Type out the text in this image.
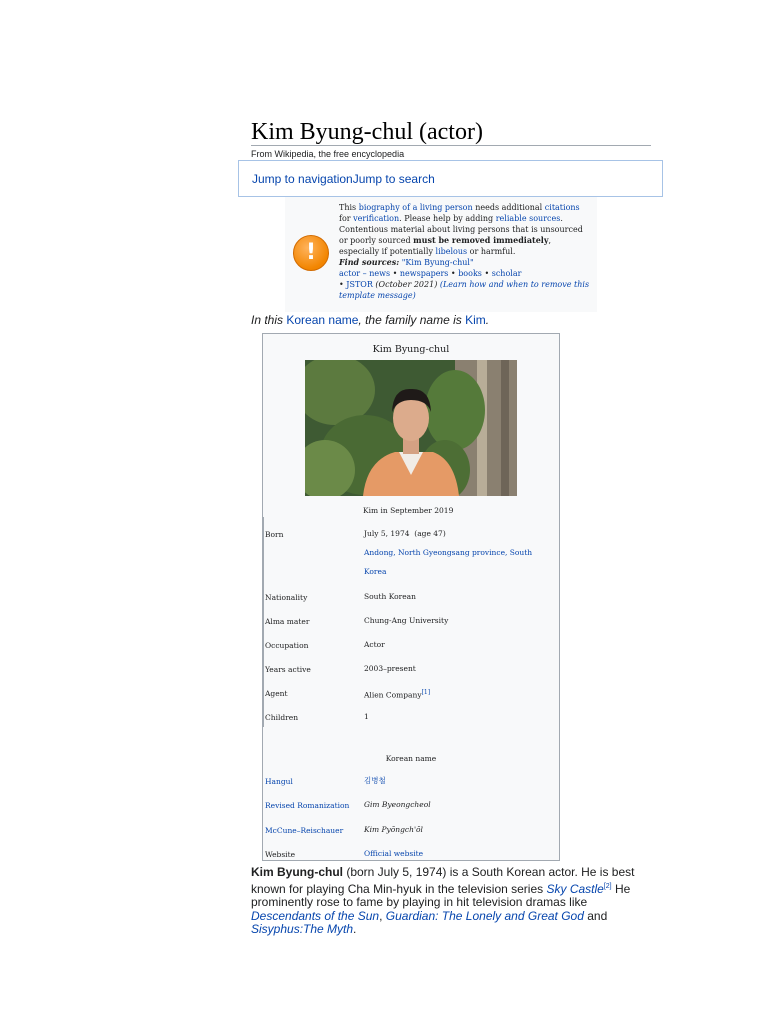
Kim Byung-chul (actor)
From Wikipedia, the free encyclopedia
Jump to navigationJump to search
!
This biography of a living person needs additional citations for verification. Please help by adding reliable sources. Contentious material about living persons that is unsourced or poorly sourced must be removed immediately, especially if potentially libelous or harmful.
Find sources: "Kim Byung-chul"
actor – news • newspapers • books • scholar
• JSTOR (October 2021) (Learn how and when to remove this template message)
In this Korean name, the family name is Kim.
Kim Byung-chul
Kim in September 2019
Born	July 5, 1974 (age 47)
Andong, North Gyeongsang province, South
Korea
Nationality	South Korean
Alma mater	Chung-Ang University
Occupation	Actor
Years active	2003–present
Agent	Alien Company[1]
Children	1
Korean name
Hangul	김병철
Revised Romanization Gim Byeongcheol
McCune–Reischauer	Kim Pyŏngch'ŏl
Website	Official website
Kim Byung-chul (born July 5, 1974) is a South Korean actor. He is best known for playing Cha Min-hyuk in the television series Sky Castle[2] He prominently rose to fame by playing in hit television dramas like Descendants of the Sun, Guardian: The Lonely and Great God and Sisyphus:The Myth.
